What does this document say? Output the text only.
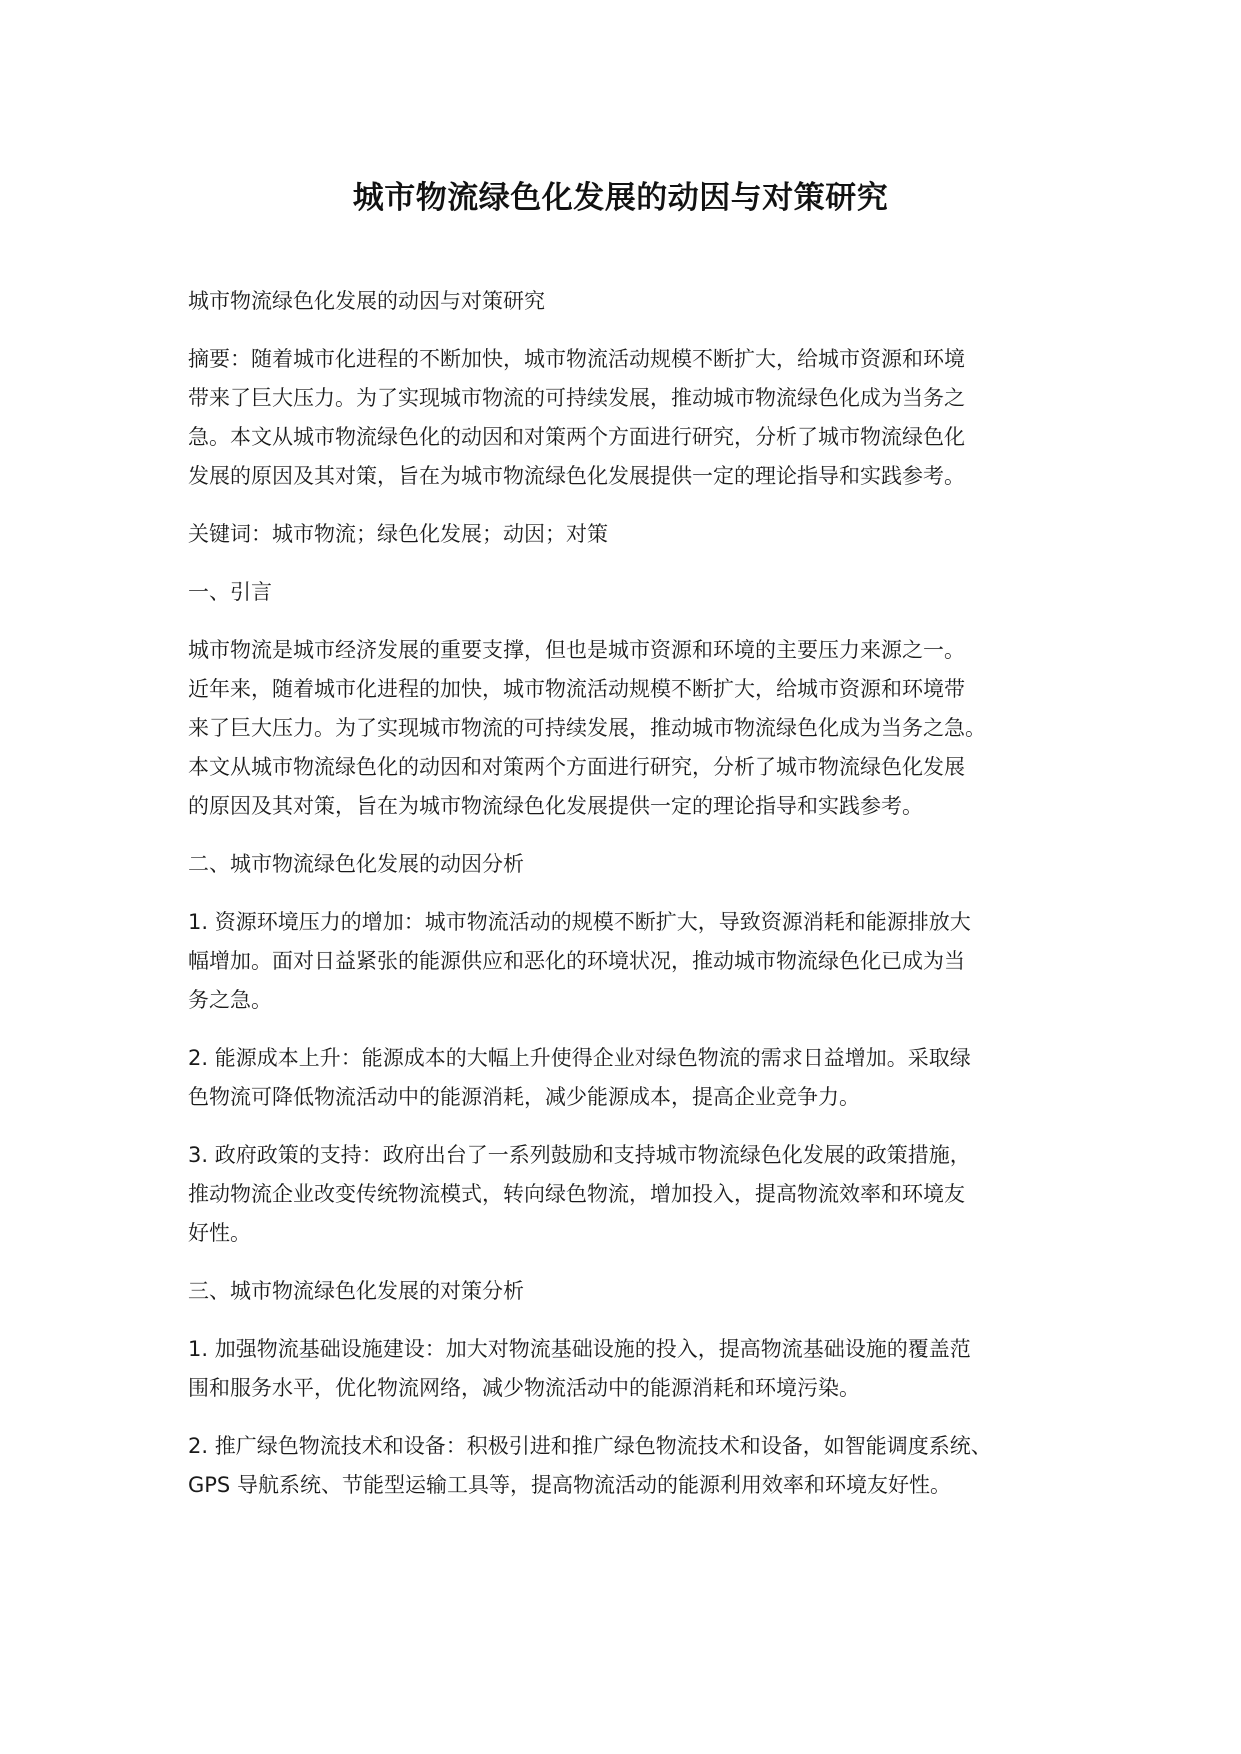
城市物流绿色化发展的动因与对策研究
城市物流绿色化发展的动因与对策研究
摘要：随着城市化进程的不断加快，城市物流活动规模不断扩大，给城市资源和环境
带来了巨大压力。为了实现城市物流的可持续发展，推动城市物流绿色化成为当务之
急。本文从城市物流绿色化的动因和对策两个方面进行研究，分析了城市物流绿色化
发展的原因及其对策，旨在为城市物流绿色化发展提供一定的理论指导和实践参考。
关键词：城市物流；绿色化发展；动因；对策
一、引言
城市物流是城市经济发展的重要支撑，但也是城市资源和环境的主要压力来源之一。
近年来，随着城市化进程的加快，城市物流活动规模不断扩大，给城市资源和环境带
来了巨大压力。为了实现城市物流的可持续发展，推动城市物流绿色化成为当务之急。
本文从城市物流绿色化的动因和对策两个方面进行研究，分析了城市物流绿色化发展
的原因及其对策，旨在为城市物流绿色化发展提供一定的理论指导和实践参考。
二、城市物流绿色化发展的动因分析
1. 资源环境压力的增加：城市物流活动的规模不断扩大，导致资源消耗和能源排放大
幅增加。面对日益紧张的能源供应和恶化的环境状况，推动城市物流绿色化已成为当
务之急。
2. 能源成本上升：能源成本的大幅上升使得企业对绿色物流的需求日益增加。采取绿
色物流可降低物流活动中的能源消耗，减少能源成本，提高企业竞争力。
3. 政府政策的支持：政府出台了一系列鼓励和支持城市物流绿色化发展的政策措施，
推动物流企业改变传统物流模式，转向绿色物流，增加投入，提高物流效率和环境友
好性。
三、城市物流绿色化发展的对策分析
1. 加强物流基础设施建设：加大对物流基础设施的投入，提高物流基础设施的覆盖范
围和服务水平，优化物流网络，减少物流活动中的能源消耗和环境污染。
2. 推广绿色物流技术和设备：积极引进和推广绿色物流技术和设备，如智能调度系统、
GPS 导航系统、节能型运输工具等，提高物流活动的能源利用效率和环境友好性。
